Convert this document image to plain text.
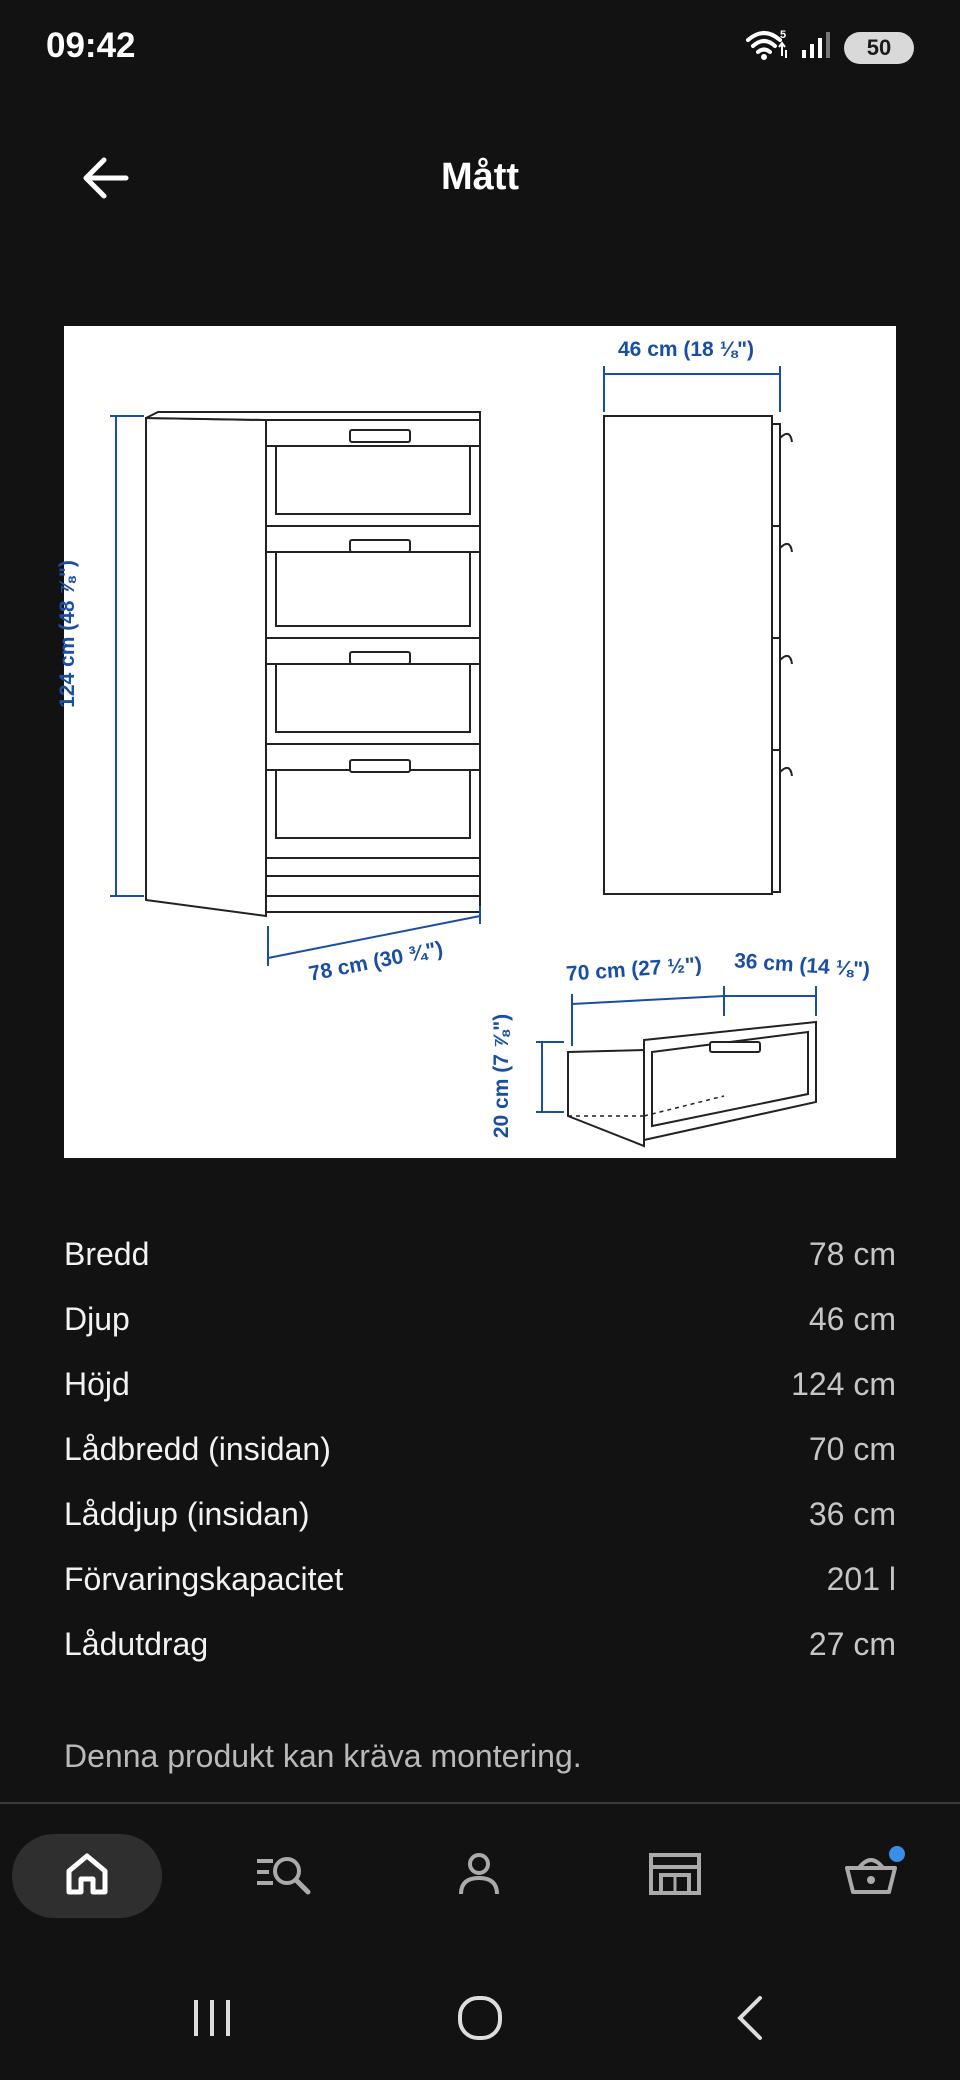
09:42	5	50
Mått
124 cm (48 ⅞")
78 cm (30 ¾")
46 cm (18 ⅛")
70 cm (27 ½") 36 cm (14 ⅛")
20 cm (7 ⅞")
Bredd	78 cm
Djup	46 cm
Höjd	124 cm
Lådbredd (insidan)	70 cm
Låddjup (insidan)	36 cm
Förvaringskapacitet	201 l
Lådutdrag	27 cm
Denna produkt kan kräva montering.
